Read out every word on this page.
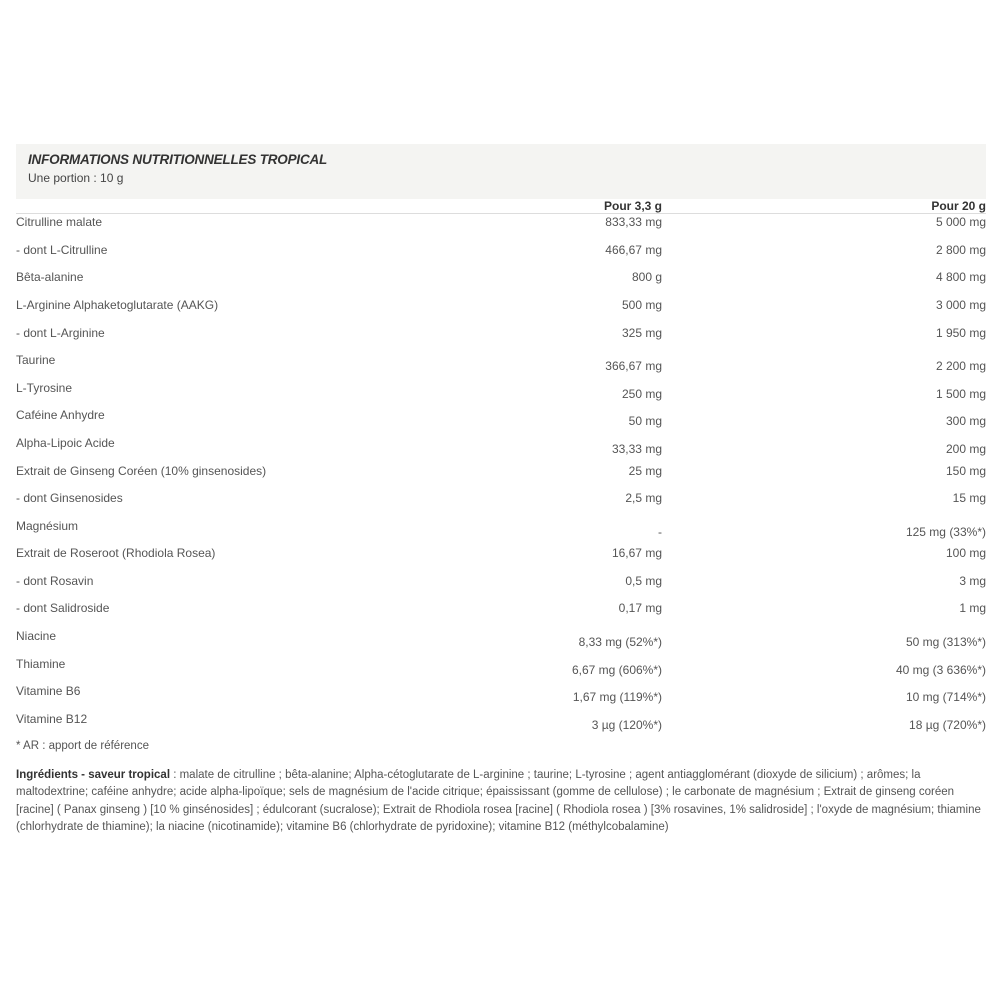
INFORMATIONS NUTRITIONNELLES TROPICAL
Une portion : 10 g
Pour 3,3 g	Pour 20 g
Citrulline malate	833,33 mg	5 000 mg
- dont L-Citrulline	466,67 mg	2 800 mg
Bêta-alanine	800 g	4 800 mg
L-Arginine Alphaketoglutarate (AAKG)	500 mg	3 000 mg
- dont L-Arginine	325 mg	1 950 mg
Taurine	366,67 mg	2 200 mg
L-Tyrosine	250 mg	1 500 mg
Caféine Anhydre	50 mg	300 mg
Alpha-Lipoic Acide	33,33 mg	200 mg
Extrait de Ginseng Coréen (10% ginsenosides)	25 mg	150 mg
- dont Ginsenosides	2,5 mg	15 mg
Magnésium	-	125 mg (33%*)
Extrait de Roseroot (Rhodiola Rosea)	16,67 mg	100 mg
- dont Rosavin	0,5 mg	3 mg
- dont Salidroside	0,17 mg	1 mg
Niacine	8,33 mg (52%*)	50 mg (313%*)
Thiamine	6,67 mg (606%*)	40 mg (3 636%*)
Vitamine B6	1,67 mg (119%*)	10 mg (714%*)
Vitamine B12	3 µg (120%*)	18 µg (720%*)
* AR : apport de référence
Ingrédients - saveur tropical : malate de citrulline ; bêta-alanine; Alpha-cétoglutarate de L-arginine ; taurine; L-tyrosine ; agent antiagglomérant (dioxyde de silicium) ; arômes; la maltodextrine; caféine anhydre; acide alpha-lipoïque; sels de magnésium de l'acide citrique; épaississant (gomme de cellulose) ; le carbonate de magnésium ; Extrait de ginseng coréen [racine] ( Panax ginseng ) [10 % ginsénosides] ; édulcorant (sucralose); Extrait de Rhodiola rosea [racine] ( Rhodiola rosea ) [3% rosavines, 1% salidroside] ; l'oxyde de magnésium; thiamine (chlorhydrate de thiamine); la niacine (nicotinamide); vitamine B6 (chlorhydrate de pyridoxine); vitamine B12 (méthylcobalamine)
